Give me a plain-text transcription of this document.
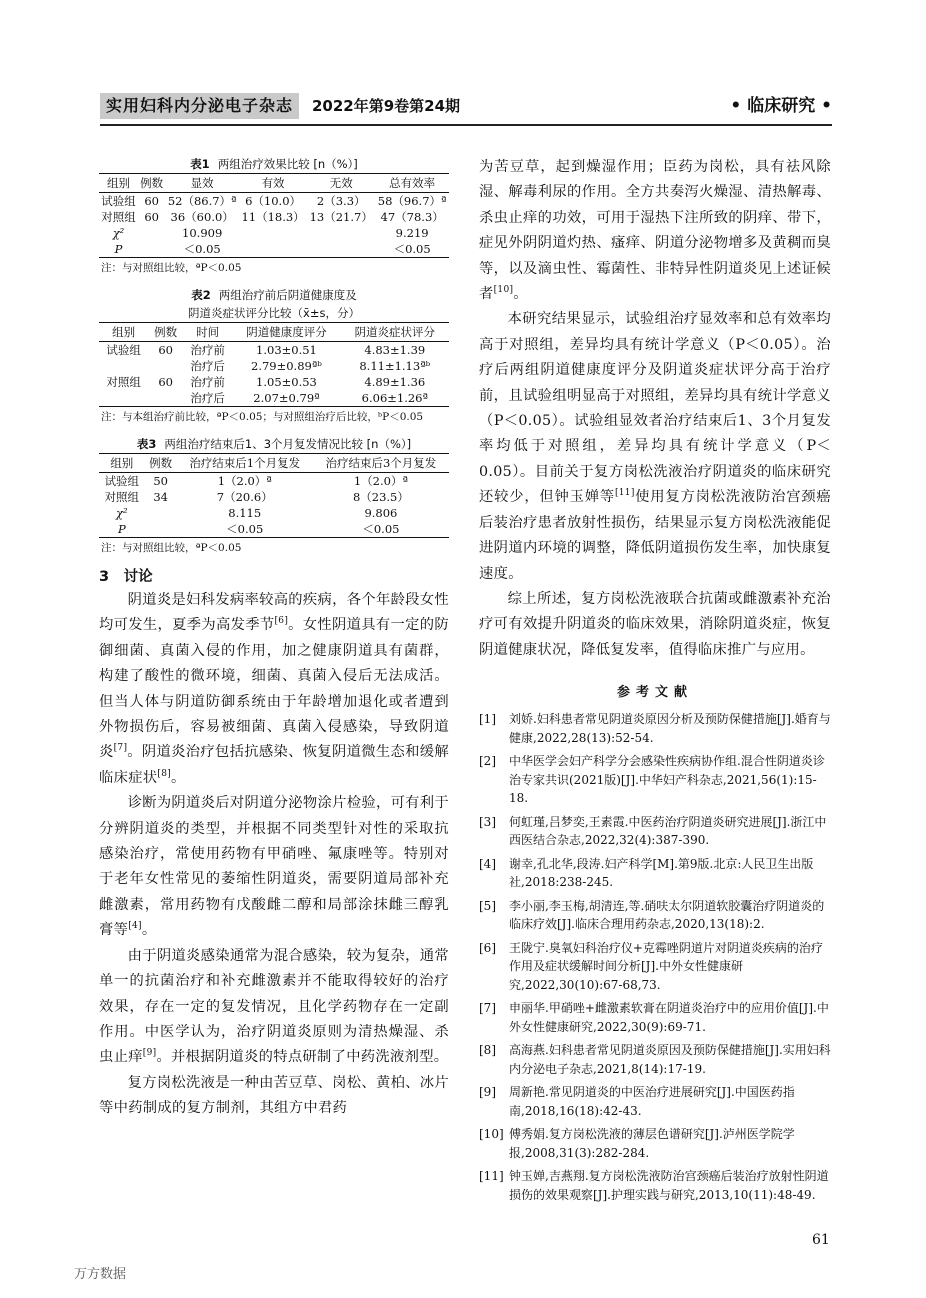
实用妇科内分泌电子杂志	2022年第9卷第24期	• 临床研究 •
表1 两组治疗效果比较 [n（%）]
组别	例数	显效	有效	无效	总有效率
试验组	60	52（86.7）ª	6（10.0）	2（3.3）	58（96.7）ª
对照组	60	36（60.0）	11（18.3）	13（21.7）	47（78.3）
χ²		10.909			9.219
P		＜0.05			＜0.05
注：与对照组比较，ªP＜0.05
表2 两组治疗前后阴道健康度及
阴道炎症状评分比较（x̄±s，分）
组别	例数	时间	阴道健康度评分	阴道炎症状评分
试验组	60	治疗前	1.03±0.51	4.83±1.39
		治疗后	2.79±0.89ªᵇ	8.11±1.13ªᵇ
对照组	60	治疗前	1.05±0.53	4.89±1.36
		治疗后	2.07±0.79ª	6.06±1.26ª
注：与本组治疗前比较，ªP＜0.05；与对照组治疗后比较，ᵇP＜0.05
表3 两组治疗结束后1、3个月复发情况比较 [n（%）]
组别	例数	治疗结束后1个月复发	治疗结束后3个月复发
试验组	50	1（2.0）ª	1（2.0）ª
对照组	34	7（20.6）	8（23.5）
χ²		8.115	9.806
P		＜0.05	＜0.05
注：与对照组比较，ªP＜0.05
3　讨论

阴道炎是妇科发病率较高的疾病，各个年龄段女性均可发生，夏季为高发季节[6]。女性阴道具有一定的防御细菌、真菌入侵的作用，加之健康阴道具有菌群，构建了酸性的微环境，细菌、真菌入侵后无法成活。但当人体与阴道防御系统由于年龄增加退化或者遭到外物损伤后，容易被细菌、真菌入侵感染，导致阴道炎[7]。阴道炎治疗包括抗感染、恢复阴道微生态和缓解临床症状[8]。

诊断为阴道炎后对阴道分泌物涂片检验，可有利于分辨阴道炎的类型，并根据不同类型针对性的采取抗感染治疗，常使用药物有甲硝唑、氟康唑等。特别对于老年女性常见的萎缩性阴道炎，需要阴道局部补充雌激素，常用药物有戊酸雌二醇和局部涂抹雌三醇乳膏等[4]。

由于阴道炎感染通常为混合感染，较为复杂，通常单一的抗菌治疗和补充雌激素并不能取得较好的治疗效果，存在一定的复发情况，且化学药物存在一定副作用。中医学认为，治疗阴道炎原则为清热燥湿、杀虫止痒[9]。并根据阴道炎的特点研制了中药洗液剂型。

复方岗松洗液是一种由苦豆草、岗松、黄柏、冰片等中药制成的复方制剂，其组方中君药

为苦豆草，起到燥湿作用；臣药为岗松，具有祛风除湿、解毒利尿的作用。全方共奏泻火燥湿、清热解毒、杀虫止痒的功效，可用于湿热下注所致的阴痒、带下，症见外阴阴道灼热、瘙痒、阴道分泌物增多及黄稠而臭等，以及滴虫性、霉菌性、非特异性阴道炎见上述证候者[10]。

本研究结果显示，试验组治疗显效率和总有效率均高于对照组，差异均具有统计学意义（P＜0.05）。治疗后两组阴道健康度评分及阴道炎症状评分高于治疗前，且试验组明显高于对照组，差异均具有统计学意义（P＜0.05）。试验组显效者治疗结束后1、3个月复发率均低于对照组，差异均具有统计学意义（P＜0.05）。目前关于复方岗松洗液治疗阴道炎的临床研究还较少，但钟玉婵等[11]使用复方岗松洗液防治宫颈癌后装治疗患者放射性损伤，结果显示复方岗松洗液能促进阴道内环境的调整，降低阴道损伤发生率，加快康复速度。

综上所述，复方岗松洗液联合抗菌或雌激素补充治疗可有效提升阴道炎的临床效果，消除阴道炎症，恢复阴道健康状况，降低复发率，值得临床推广与应用。

参考文献
[1]	刘娇.妇科患者常见阴道炎原因分析及预防保健措施[J].婚育与健康,2022,28(13):52-54.
[2]	中华医学会妇产科学分会感染性疾病协作组.混合性阴道炎诊治专家共识(2021版)[J].中华妇产科杂志,2021,56(1):15-18.
[3]	何虹瑾,吕梦奕,王素霞.中医药治疗阴道炎研究进展[J].浙江中西医结合杂志,2022,32(4):387-390.
[4]	谢幸,孔北华,段涛.妇产科学[M].第9版.北京:人民卫生出版社,2018:238-245.
[5]	李小丽,李玉梅,胡清连,等.硝呋太尔阴道软胶囊治疗阴道炎的临床疗效[J].临床合理用药杂志,2020,13(18):2.
[6]	王陇宁.臭氧妇科治疗仪+克霉唑阴道片对阴道炎疾病的治疗作用及症状缓解时间分析[J].中外女性健康研究,2022,30(10):67-68,73.
[7]	申丽华.甲硝唑+雌激素软膏在阴道炎治疗中的应用价值[J].中外女性健康研究,2022,30(9):69-71.
[8]	高海燕.妇科患者常见阴道炎原因及预防保健措施[J].实用妇科内分泌电子杂志,2021,8(14):17-19.
[9]	周新艳.常见阴道炎的中医治疗进展研究[J].中国医药指南,2018,16(18):42-43.
[10] 傅秀娟.复方岗松洗液的薄层色谱研究[J].泸州医学院学报,2008,31(3):282-284.
[11] 钟玉婵,吉燕翔.复方岗松洗液防治宫颈癌后装治疗放射性阴道损伤的效果观察[J].护理实践与研究,2013,10(11):48-49.
61
万方数据
